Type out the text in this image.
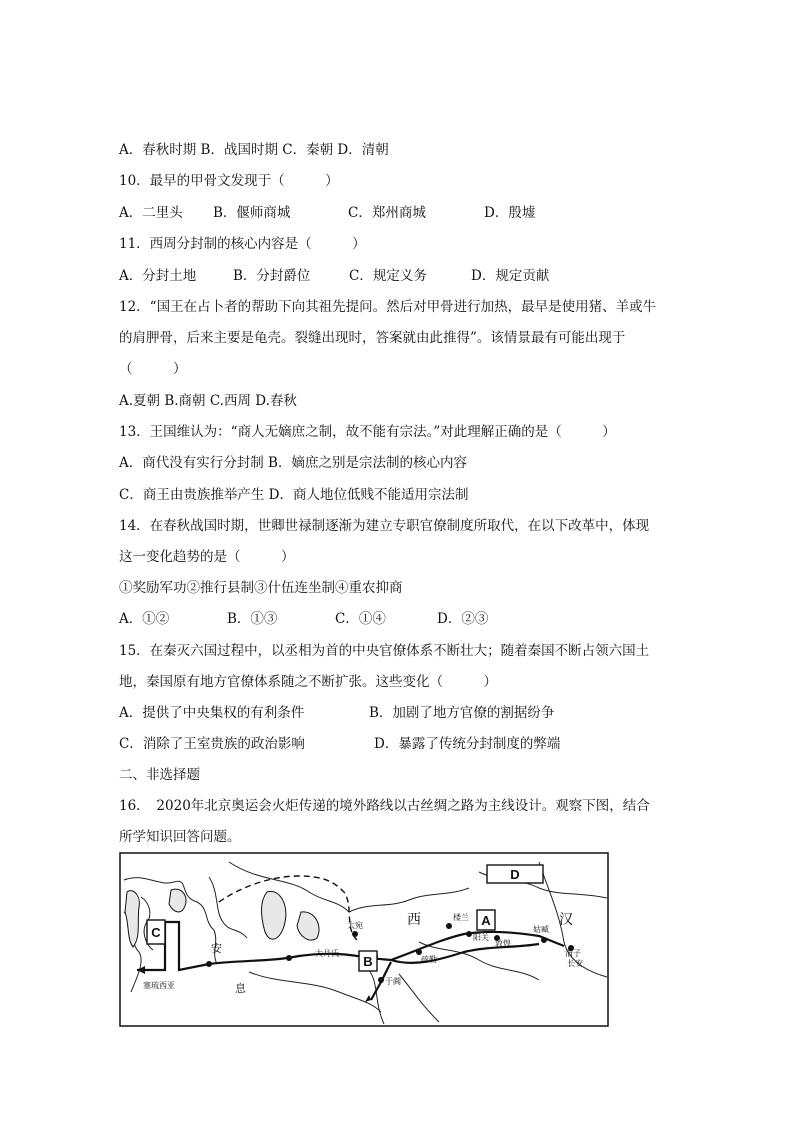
A．春秋时期 B．战国时期 C．秦朝 D．清朝
10．最早的甲骨文发现于（　　　）
A．二里头 B．偃师商城	C．郑州商城	D．殷墟
11．西周分封制的核心内容是（　　　）
A．分封土地	B．分封爵位	C．规定义务	D．规定贡献
12．“国王在占卜者的帮助下向其祖先提问。然后对甲骨进行加热，最早是使用猪、羊或牛
的肩胛骨，后来主要是龟壳。裂缝出现时，答案就由此推得”。该情景最有可能出现于
（　　　）
A.夏朝 B.商朝 C.西周 D.春秋
13．王国维认为：“商人无嫡庶之制，故不能有宗法。”对此理解正确的是（　　　）
A．商代没有实行分封制 B．嫡庶之别是宗法制的核心内容
C．商王由贵族推举产生 D．商人地位低贱不能适用宗法制
14．在春秋战国时期，世卿世禄制逐渐为建立专职官僚制度所取代，在以下改革中，体现
这一变化趋势的是（　　　）
①奖励军功②推行县制③什伍连坐制④重农抑商
A．①②	B．①③	C．①④	D．②③
15．在秦灭六国过程中，以丞相为首的中央官僚体系不断壮大；随着秦国不断占领六国土
地，秦国原有地方官僚体系随之不断扩张。这些变化（　　　）
A．提供了中央集权的有利条件	B．加剧了地方官僚的割据纷争
C．消除了王室贵族的政治影响	D．暴露了传统分封制度的弊端
二、非选择题
16．　2020年北京奥运会火炬传递的境外路线以古丝绸之路为主线设计。观察下图，结合
所学知识回答问题。
D
A
B
C
西	汉
安
息
大宛
楼兰
阳关
敦煌
渭子
长安
大月氏
疏勒
于阗
塞琉西亚
姑臧
